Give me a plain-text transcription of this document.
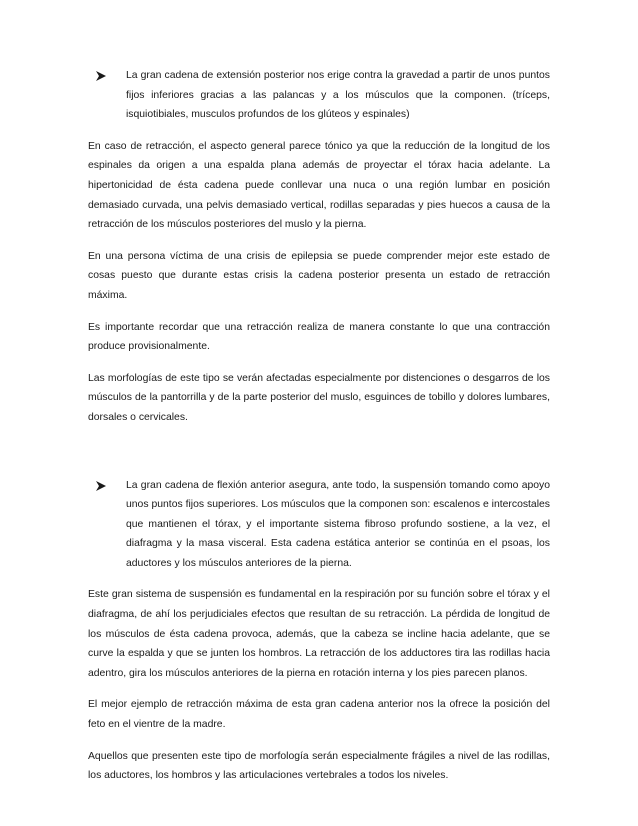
La gran cadena de extensión posterior nos erige contra la gravedad a partir de unos puntos fijos inferiores gracias a las palancas y a los músculos que la componen. (tríceps, isquiotibiales, musculos profundos de los glúteos y espinales)

En caso de retracción, el aspecto general parece tónico ya que la reducción de la longitud de los espinales da origen a una espalda plana además de proyectar el tórax hacia adelante. La hipertonicidad de ésta cadena puede conllevar una nuca o una región lumbar en posición demasiado curvada, una pelvis demasiado vertical, rodillas separadas y pies huecos a causa de la retracción de los músculos posteriores del muslo y la pierna.

En una persona víctima de una crisis de epilepsia se puede comprender mejor este estado de cosas puesto que durante estas crisis la cadena posterior presenta un estado de retracción máxima.

Es importante recordar que una retracción realiza de manera constante lo que una contracción produce provisionalmente.

Las morfologías de este tipo se verán afectadas especialmente por distenciones o desgarros de los músculos de la pantorrilla y de la parte posterior del muslo, esguinces de tobillo y dolores lumbares, dorsales o cervicales.

La gran cadena de flexión anterior asegura, ante todo, la suspensión tomando como apoyo unos puntos fijos superiores. Los músculos que la componen son: escalenos e intercostales que mantienen el tórax, y el importante sistema fibroso profundo sostiene, a la vez, el diafragma y la masa visceral. Esta cadena estática anterior se continúa en el psoas, los aductores y los músculos anteriores de la pierna.

Este gran sistema de suspensión es fundamental en la respiración por su función sobre el tórax y el diafragma, de ahí los perjudiciales efectos que resultan de su retracción. La pérdida de longitud de los músculos de ésta cadena provoca, además, que la cabeza se incline hacia adelante, que se curve la espalda y que se junten los hombros. La retracción de los adductores tira las rodillas hacia adentro, gira los músculos anteriores de la pierna en rotación interna y los pies parecen planos.

El mejor ejemplo de retracción máxima de esta gran cadena anterior nos la ofrece la posición del feto en el vientre de la madre.

Aquellos que presenten este tipo de morfología serán especialmente frágiles a nivel de las rodillas, los aductores, los hombros y las articulaciones vertebrales a todos los niveles.
